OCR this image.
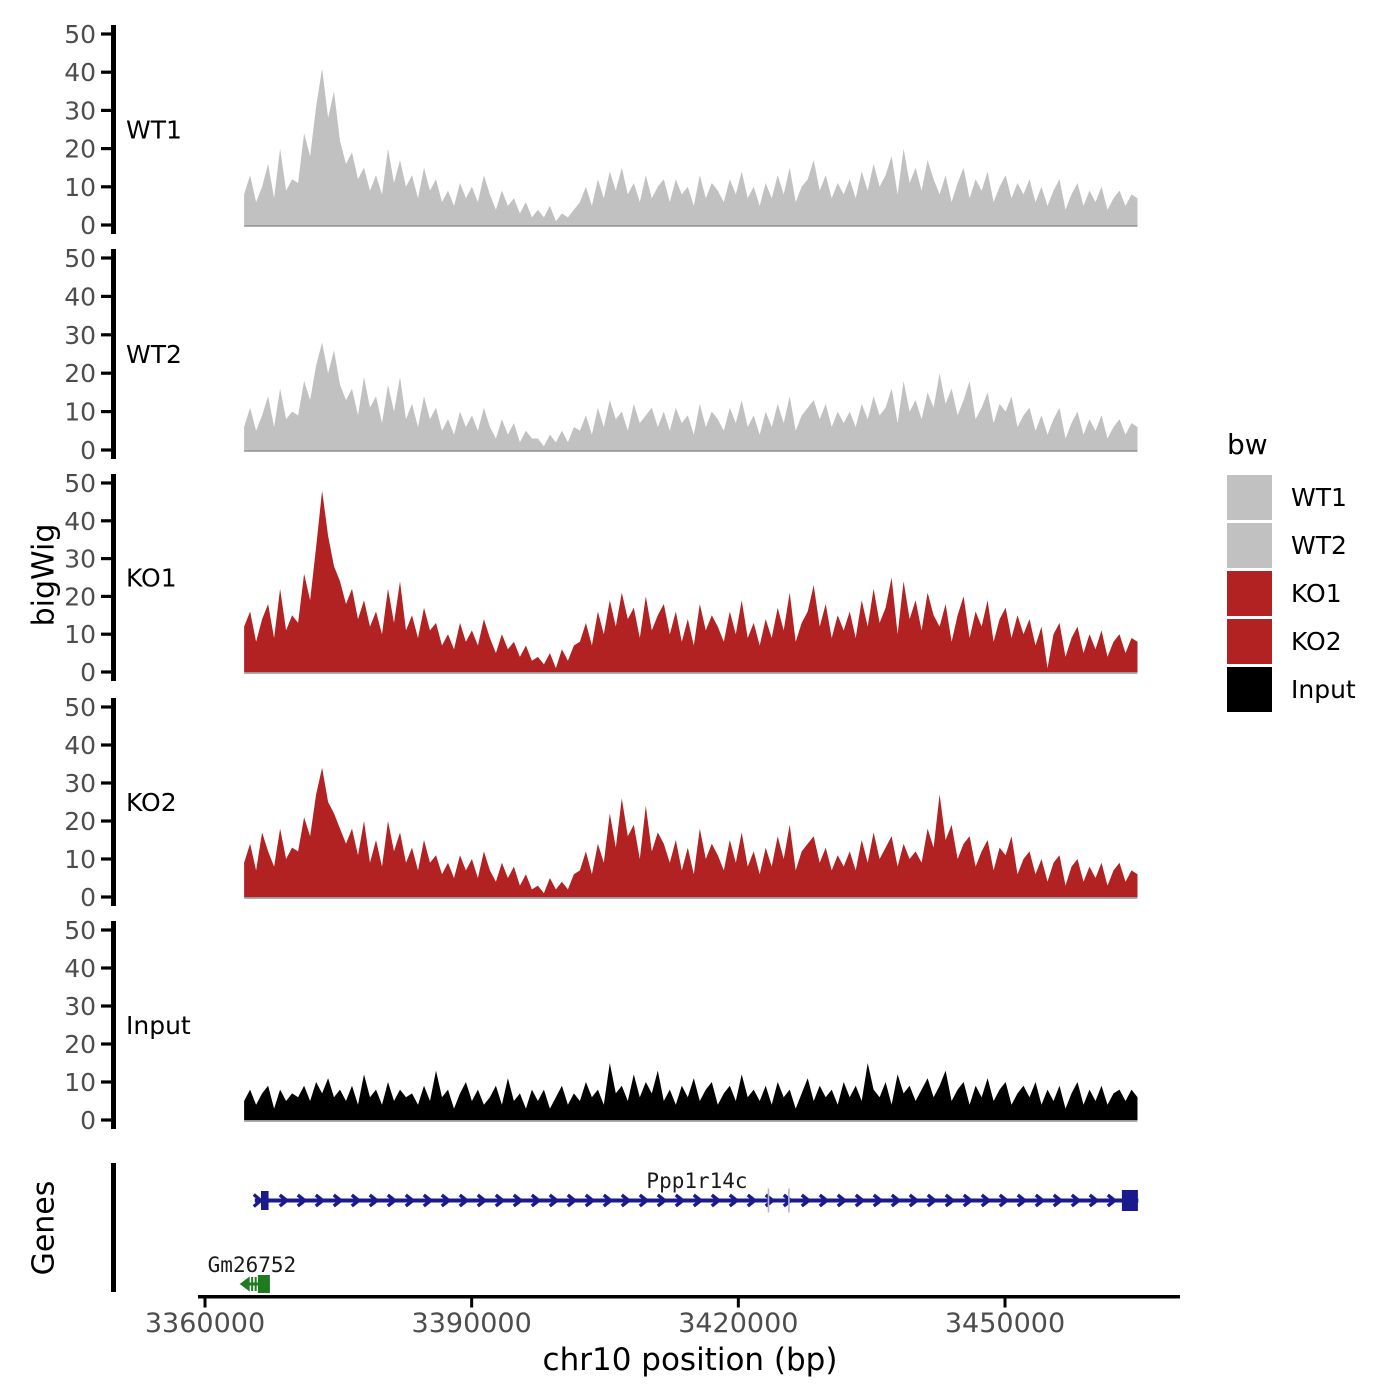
0
10
20
30
40
50
WT1
0
10
20
30
40
50
WT2
0
10
20
30
40
50
KO1
0
10
20
30
40
50
KO2
0
10
20
30
40
50
Input
Ppp1r14c
Gm26752
3360000	3390000	3420000	3450000
bigWig
Genes
chr10 position (bp)
bw
WT1
WT2
KO1
KO2
Input
